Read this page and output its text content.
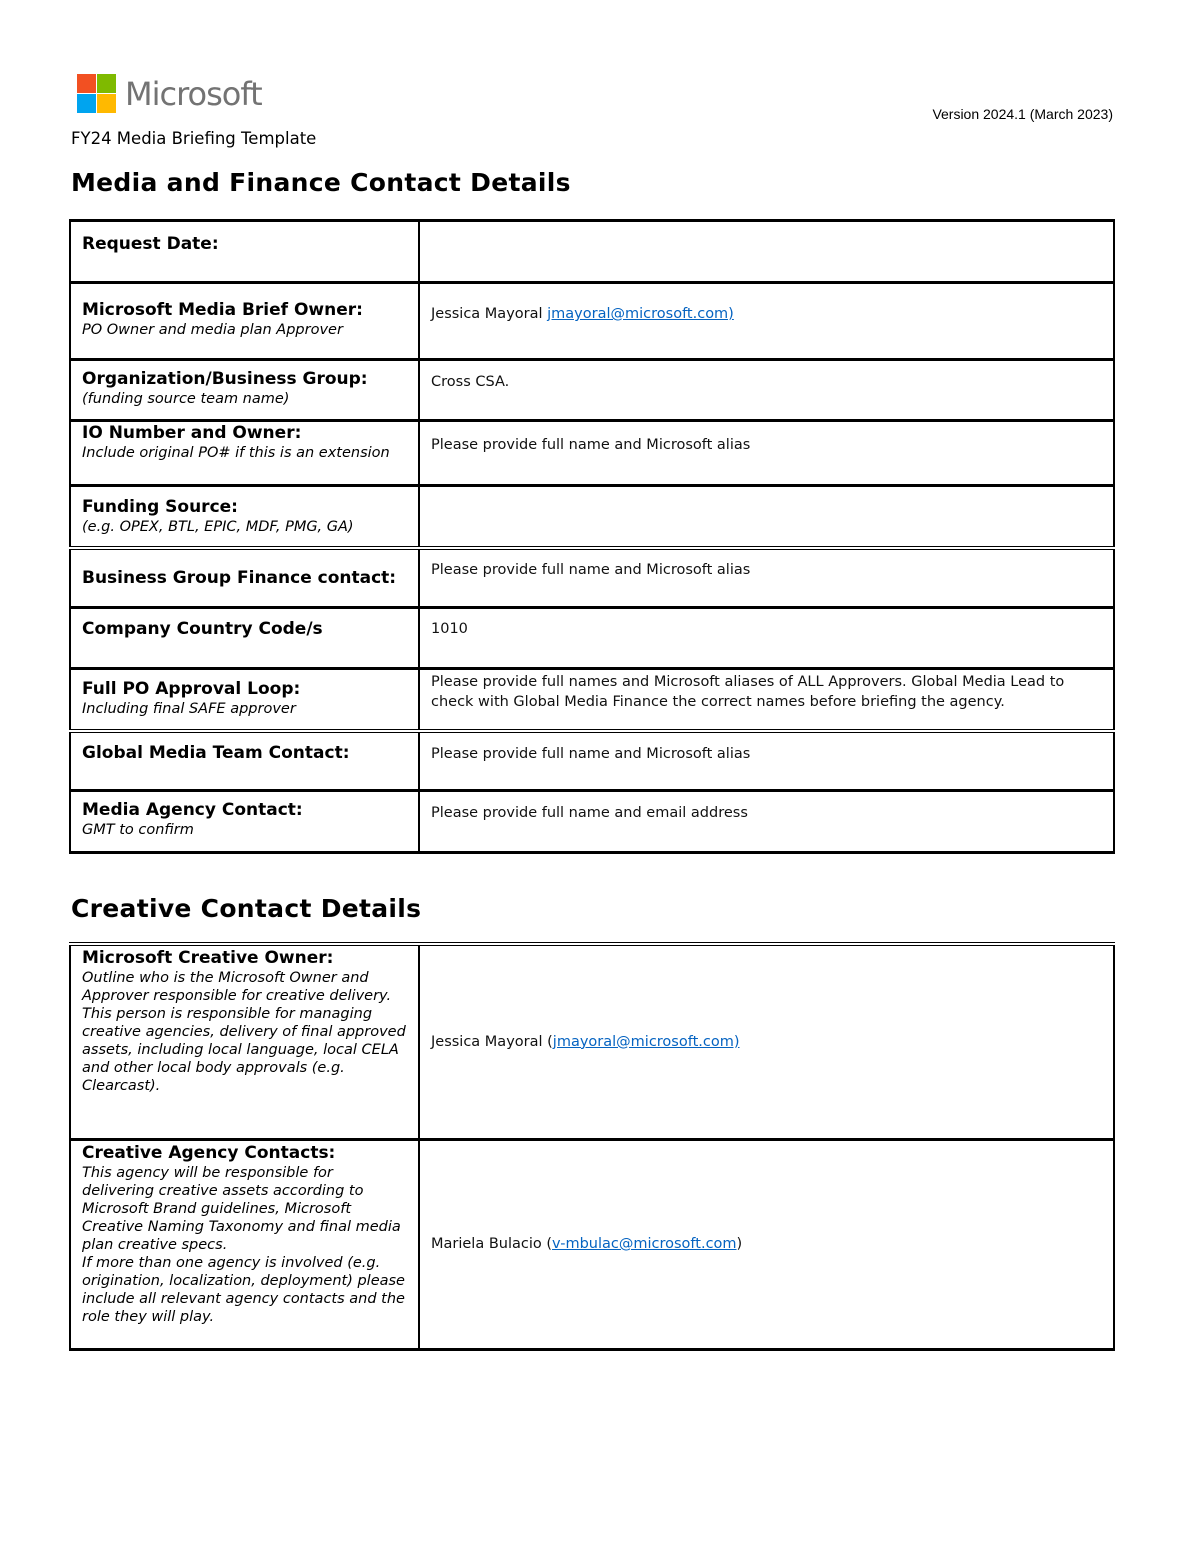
Microsoft
Version 2024.1 (March 2023)
FY24 Media Briefing Template
Media and Finance Contact Details
Request Date:	

Microsoft Media Brief Owner:
PO Owner and media plan Approver	Jessica Mayoral jmayoral@microsoft.com)

Organization/Business Group:
(funding source team name)	Cross CSA.

IO Number and Owner:
Include original PO# if this is an extension	Please provide full name and Microsoft alias

Funding Source:
(e.g. OPEX, BTL, EPIC, MDF, PMG, GA)	

Business Group Finance contact:	Please provide full name and Microsoft alias

Company Country Code/s	1010

Full PO Approval Loop:
Including final SAFE approver	Please provide full names and Microsoft aliases of ALL Approvers. Global Media Lead to check with Global Media Finance the correct names before briefing the agency.

Global Media Team Contact:	Please provide full name and Microsoft alias

Media Agency Contact:
GMT to confirm	Please provide full name and email address
Creative Contact Details
Microsoft Creative Owner:
Outline who is the Microsoft Owner and Approver responsible for creative delivery.
This person is responsible for managing creative agencies, delivery of final approved assets, including local language, local CELA and other local body approvals (e.g. Clearcast).	Jessica Mayoral (jmayoral@microsoft.com)

Creative Agency Contacts:
This agency will be responsible for delivering creative assets according to Microsoft Brand guidelines, Microsoft Creative Naming Taxonomy and final media plan creative specs.
If more than one agency is involved (e.g. origination, localization, deployment) please include all relevant agency contacts and the role they will play.	Mariela Bulacio (v-mbulac@microsoft.com)
